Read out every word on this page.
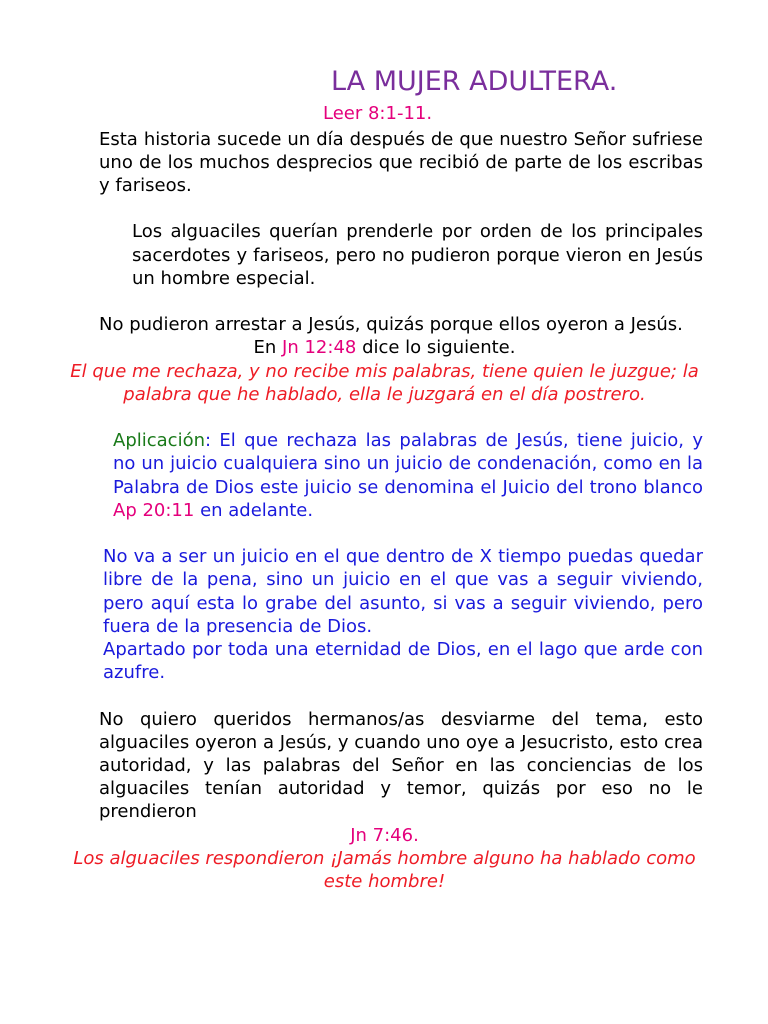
LA MUJER ADULTERA.
Leer 8:1-11.

Esta historia sucede un día después de que nuestro Señor sufriese uno de los muchos desprecios que recibió de parte de los escribas y fariseos.

Los alguaciles querían prenderle por orden de los principales sacerdotes y fariseos, pero no pudieron porque vieron en Jesús un hombre especial.

No pudieron arrestar a Jesús, quizás porque ellos oyeron a Jesús.

En Jn 12:48 dice lo siguiente.

El que me rechaza, y no recibe mis palabras, tiene quien le juzgue; la palabra que he hablado, ella le juzgará en el día postrero.

Aplicación: El que rechaza las palabras de Jesús, tiene juicio, y no un juicio cualquiera sino un juicio de condenación, como en la Palabra de Dios este juicio se denomina el Juicio del trono blanco Ap 20:11 en adelante.

No va a ser un juicio en el que dentro de X tiempo puedas quedar libre de la pena, sino un juicio en el que vas a seguir viviendo, pero aquí esta lo grabe del asunto, si vas a seguir viviendo, pero fuera de la presencia de Dios.

Apartado por toda una eternidad de Dios, en el lago que arde con azufre.

No quiero queridos hermanos/as desviarme del tema, esto alguaciles oyeron a Jesús, y cuando uno oye a Jesucristo, esto crea autoridad, y las palabras del Señor en las conciencias de los alguaciles tenían autoridad y temor, quizás por eso no le prendieron

Jn 7:46.

Los alguaciles respondieron ¡Jamás hombre alguno ha hablado como este hombre!
